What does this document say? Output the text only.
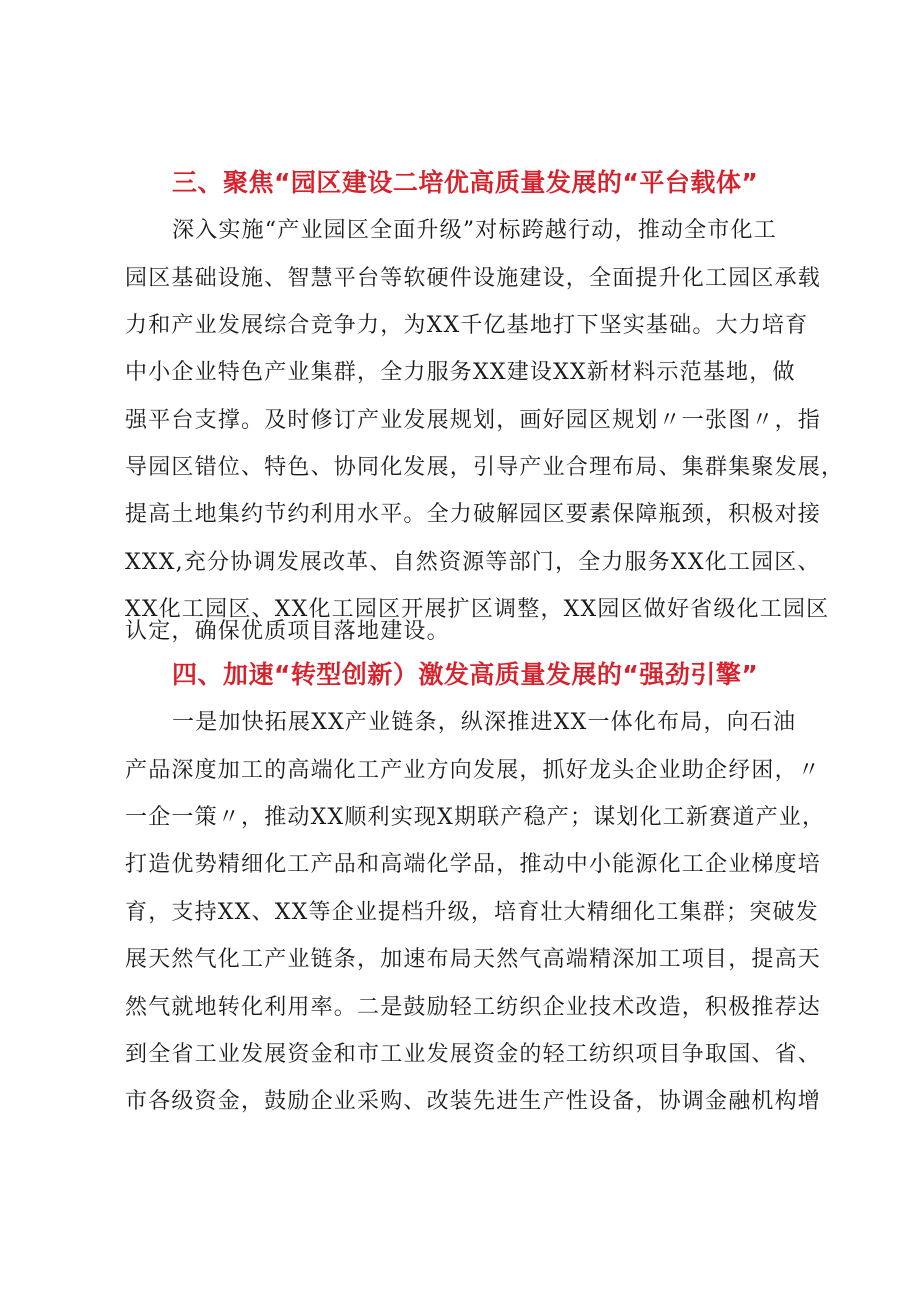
三、聚焦“园区建设二培优高质量发展的“平台载体”
深入实施“产业园区全面升级”对标跨越行动，推动全市化工
园区基础设施、智慧平台等软硬件设施建设，全面提升化工园区承载
力和产业发展综合竞争力，为XX千亿基地打下坚实基础。大力培育
中小企业特色产业集群，全力服务XX建设XX新材料示范基地，做
强平台支撑。及时修订产业发展规划，画好园区规划〃一张图〃，指
导园区错位、特色、协同化发展，引导产业合理布局、集群集聚发展，
提高土地集约节约利用水平。全力破解园区要素保障瓶颈，积极对接
XXX,充分协调发展改革、自然资源等部门，全力服务XX化工园区、
XX化工园区、XX化工园区开展扩区调整，XX园区做好省级化工园区
认定，确保优质项目落地建设。
四、加速“转型创新）激发高质量发展的“强劲引擎”
一是加快拓展XX产业链条，纵深推进XX一体化布局，向石油
产品深度加工的高端化工产业方向发展，抓好龙头企业助企纾困，〃
一企一策〃，推动XX顺利实现X期联产稳产；谋划化工新赛道产业，
打造优势精细化工产品和高端化学品，推动中小能源化工企业梯度培
育，支持XX、XX等企业提档升级，培育壮大精细化工集群；突破发
展天然气化工产业链条，加速布局天然气高端精深加工项目，提高天
然气就地转化利用率。二是鼓励轻工纺织企业技术改造，积极推荐达
到全省工业发展资金和市工业发展资金的轻工纺织项目争取国、省、
市各级资金，鼓励企业采购、改装先进生产性设备，协调金融机构增
